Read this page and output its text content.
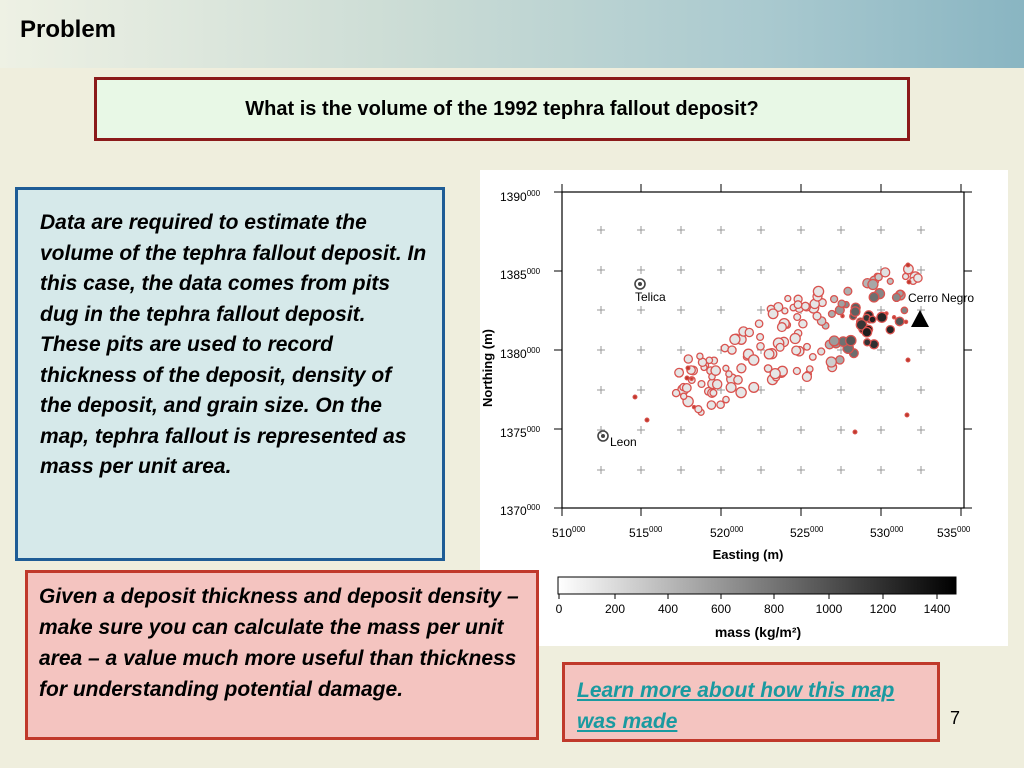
Problem
What is the volume of the 1992 tephra fallout deposit?
Data are required to estimate the volume of the tephra fallout deposit. In this case, the data comes from pits dug in the tephra fallout deposit. These pits are used to record thickness of the deposit, density of the deposit, and grain size. On the map, tephra fallout is represented as mass per unit area.
1390$^{000}$
1385$^{000}$
1380$^{000}$
1375$^{000}$
1370$^{000}$
$510^{000}$	$515^{000}$	$520^{000}$	$525^{000}$	$530^{000}$	$535^{000}$
Easting (m)
Northing (m)
Telica
Leon
Cerro Negro
0	200	400	600	800	1000 1200 1400
mass (kg/m²)
Given a deposit thickness and deposit density – make sure you can calculate the mass per unit area – a value much more useful than thickness for understanding potential damage.	Learn more about how this map was made	7
